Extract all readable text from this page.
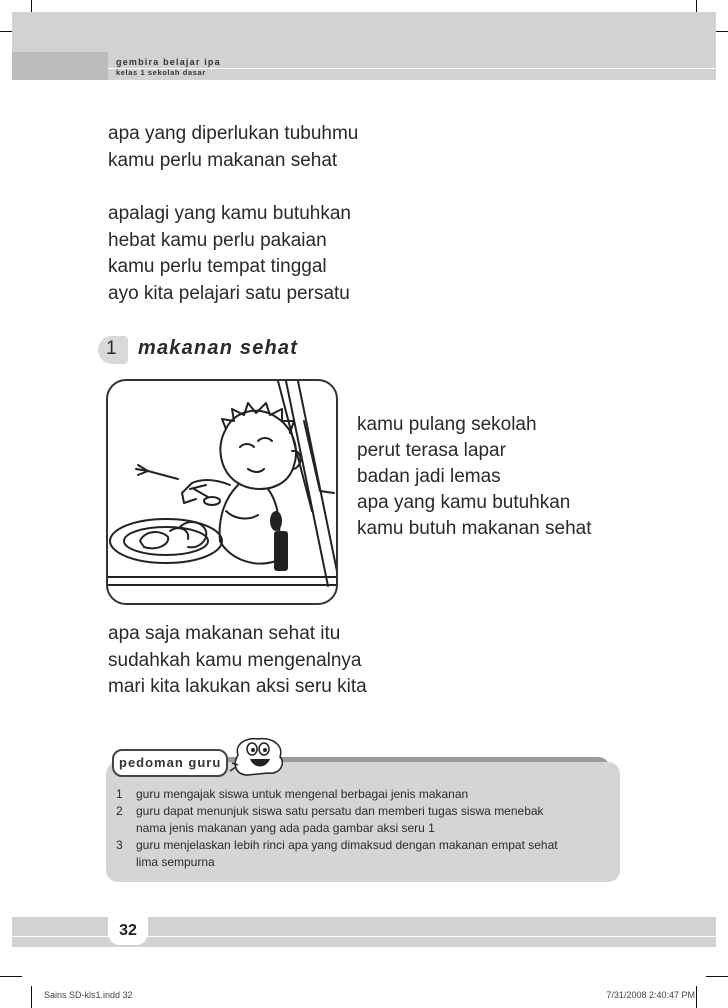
gembira belajar ipa
kelas 1 sekolah dasar
apa yang diperlukan tubuhmu
kamu perlu makanan sehat
apalagi yang kamu butuhkan
hebat kamu perlu pakaian
kamu perlu tempat tinggal
ayo kita pelajari satu persatu
1 makanan sehat
kamu pulang sekolah
perut terasa lapar
badan jadi lemas
apa yang kamu butuhkan
kamu butuh makanan sehat
apa saja makanan sehat itu
sudahkah kamu mengenalnya
mari kita lakukan aksi seru kita
pedoman guru
1	guru mengajak siswa untuk mengenal berbagai jenis makanan
2	guru dapat menunjuk siswa satu persatu dan memberi tugas siswa menebak
nama jenis makanan yang ada pada gambar aksi seru 1
3	guru menjelaskan lebih rinci apa yang dimaksud dengan makanan empat sehat
lima sempurna
32
Sains SD-kls1.indd 32	7/31/2008 2:40:47 PM
